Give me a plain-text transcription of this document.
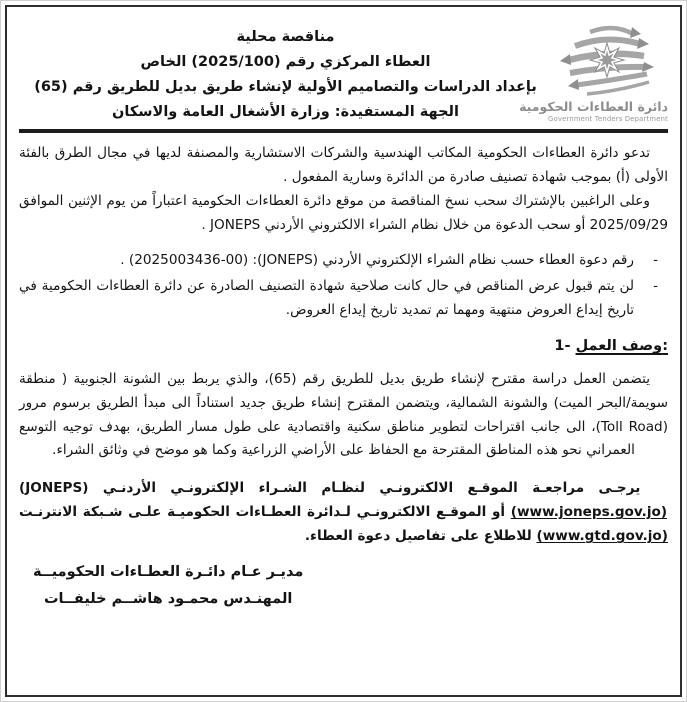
دائرة العطاءات الحكومية
Government Tenders Department
مناقصة محلية
العطاء المركزي رقم (2025/100) الخاص
بإعداد الدراسات والتصاميم الأولية لإنشاء طريق بديل للطريق رقم (65)
الجهة المستفيدة: وزارة الأشغال العامة والاسكان
تدعو دائرة العطاءات الحكومية المكاتب الهندسية والشركات الاستشارية والمصنفة لديها في مجال الطرق بالفئة الأولى (أ) بموجب شهادة تصنيف صادرة من الدائرة وسارية المفعول .
وعلى الراغبين بالإشتراك سحب نسخ المناقصة من موقع دائرة العطاءات الحكومية اعتباراً من يوم الإثنين الموافق 2025/09/29 أو سحب الدعوة من خلال نظام الشراء الالكتروني الأردني JONEPS .
-
رقم دعوة العطاء حسب نظام الشراء الإلكتروني الأردني (JONEPS): (2025003436-00) .
-
لن يتم قبول عرض المناقص في حال كانت صلاحية شهادة التصنيف الصادرة عن دائرة العطاءات الحكومية في تاريخ إيداع العروض منتهية ومهما تم تمديد تاريخ إيداع العروض.
1- وصف العمل:
يتضمن العمل دراسة مقترح لإنشاء طريق بديل للطريق رقم (65)، والذي يربط بين الشونة الجنوبية ( منطقة سويمة/البحر الميت) والشونة الشمالية، ويتضمن المقترح إنشاء طريق جديد استناداً الى مبدأ الطريق برسوم مرور (Toll Road)، الى جانب اقتراحات لتطوير مناطق سكنية واقتصادية على طول مسار الطريق، بهدف توجيه التوسع العمراني نحو هذه المناطق المقترحة مع الحفاظ على الأراضي الزراعية وكما هو موضح في وثائق الشراء.
يرجـى مراجعـة الموقـع الالكترونـي لنظـام الشـراء الإلكترونـي الأردنـي (JONEPS) (www.joneps.gov.jo) أو الموقـع الالكترونـي لـدائرة العطـاءات الحكوميـة علـى شـبكة الانترنـت (www.gtd.gov.jo) للاطلاع على تفاصيل دعوة العطاء.
مديـر عـام دائـرة العطـاءات الحكوميــة
المهنـدس محمـود هاشــم خليفــات
